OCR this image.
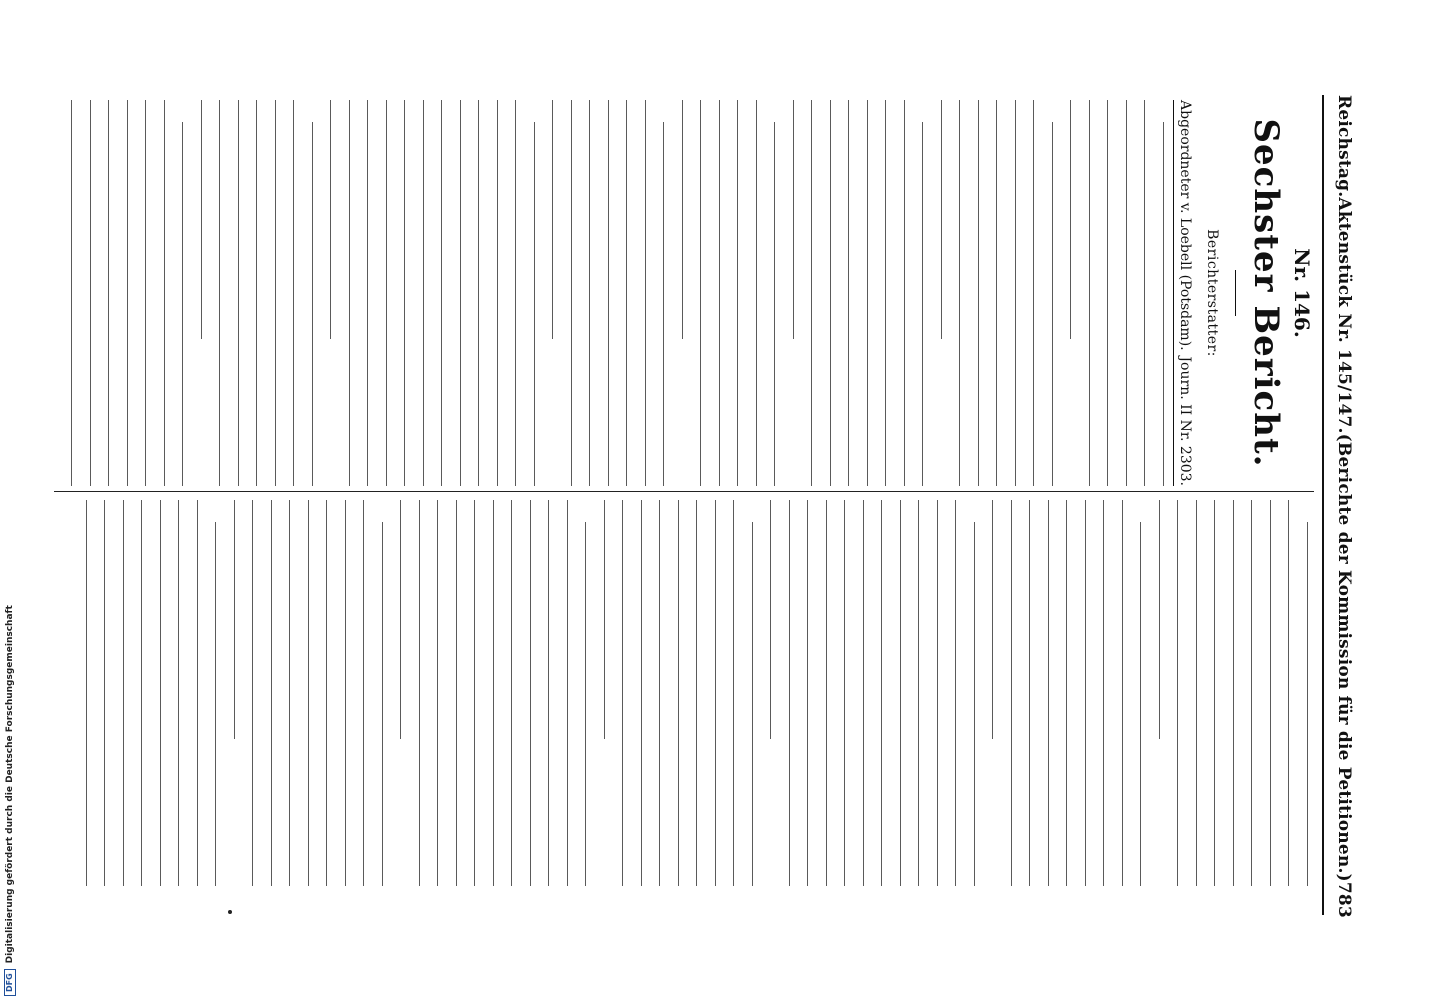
Reichstag.
Aktenstück Nr. 145/147.
(Berichte der Kommission für die Petitionen.)
783
Nr. 146.
Sechster Bericht.
Berichterstatter:
Abgeordneter v. Loebell (Potsdam).
Journ. II Nr. 2303.
DFGDigitalisierung gefördert durch die Deutsche Forschungsgemeinschaft
